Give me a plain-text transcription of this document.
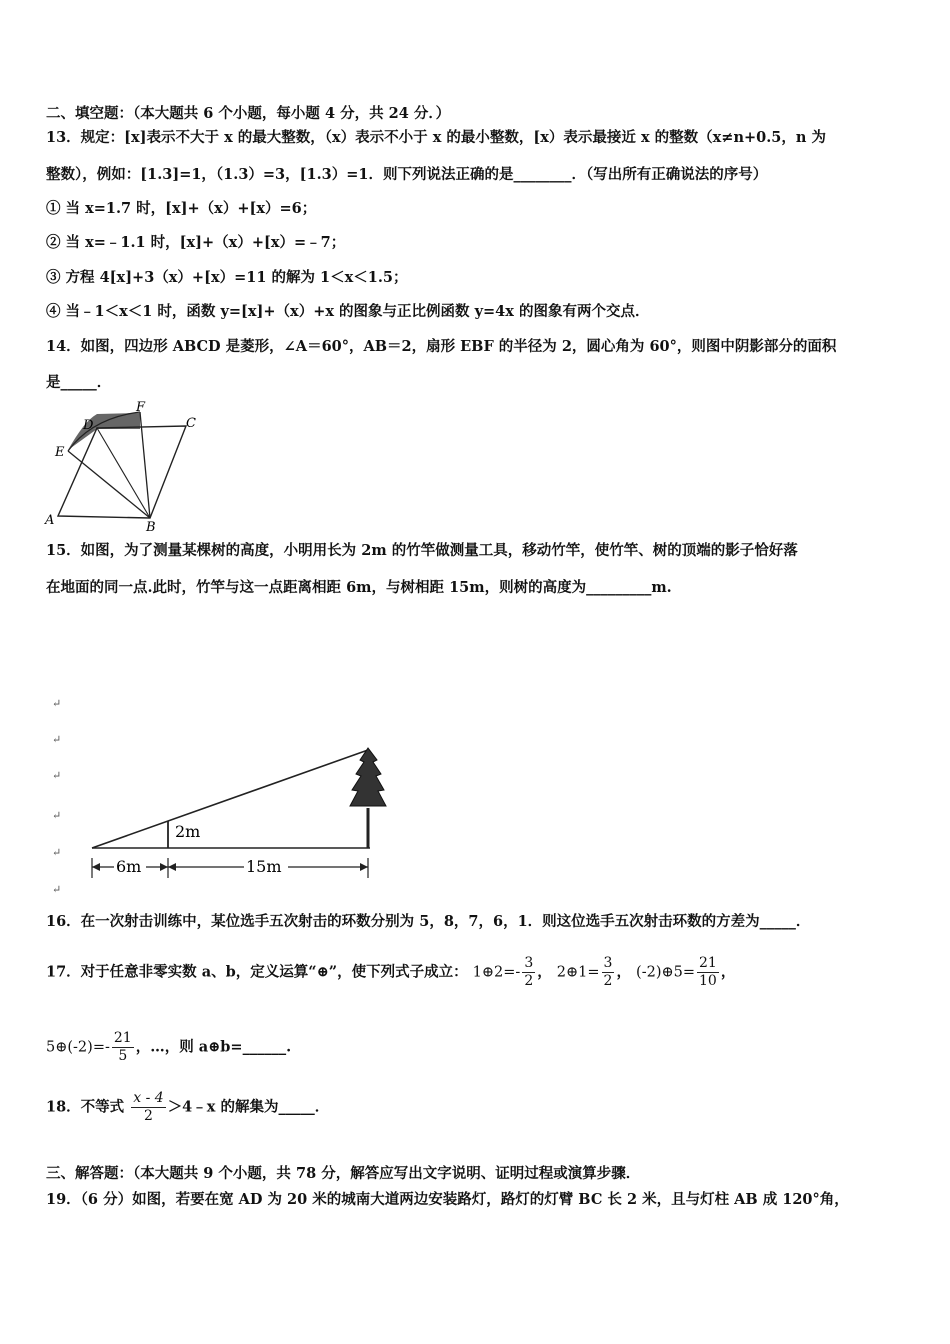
二、填空题：（本大题共 6 个小题，每小题 4 分，共 24 分．）
13．规定：[x]表示不大于 x 的最大整数，（x）表示不小于 x 的最小整数，[x）表示最接近 x 的整数（x≠n+0.5，n 为
整数），例如：[1.3]=1，（1.3）=3，[1.3）=1．则下列说法正确的是________．（写出所有正确说法的序号）
① 当 x=1.7 时，[x]+（x）+[x）=6；
② 当 x=﹣1.1 时，[x]+（x）+[x）=﹣7；
③ 方程 4[x]+3（x）+[x）=11 的解为 1＜x＜1.5；
④ 当﹣1＜x＜1 时，函数 y=[x]+（x）+x 的图象与正比例函数 y=4x 的图象有两个交点．
14．如图，四边形 ABCD 是菱形，∠A＝60°，AB＝2，扇形 EBF 的半径为 2，圆心角为 60°，则图中阴影部分的面积
是_____．
A	B
C
D
E
F
15．如图，为了测量某棵树的高度，小明用长为 2m 的竹竿做测量工具，移动竹竿，使竹竿、树的顶端的影子恰好落
在地面的同一点.此时，竹竿与这一点距离相距 6m，与树相距 15m，则树的高度为_________m.
↵
↵
↵
↵
↵
↵
6m	15m
2m
16．在一次射击训练中，某位选手五次射击的环数分别为 5，8，7，6，1．则这位选手五次射击环数的方差为_____．
17．对于任意非零实数 a、b，定义运算“⊕”，使下列式子成立： 1⊕2=- $\frac{3}{2}$ ， 2⊕1= $\frac{3}{2}$ ， (-2)⊕5= $\frac{21}{10}$ ，
5⊕(-2)=- $\frac{21}{5}$ ，…，则 a⊕b=______.
18．不等式 $\frac{x - 4}{2}$ ＞4﹣x 的解集为_____．
三、解答题：（本大题共 9 个小题，共 78 分，解答应写出文字说明、证明过程或演算步骤．
19．（6 分）如图，若要在宽 AD 为 20 米的城南大道两边安装路灯，路灯的灯臂 BC 长 2 米，且与灯柱 AB 成 120°角，
